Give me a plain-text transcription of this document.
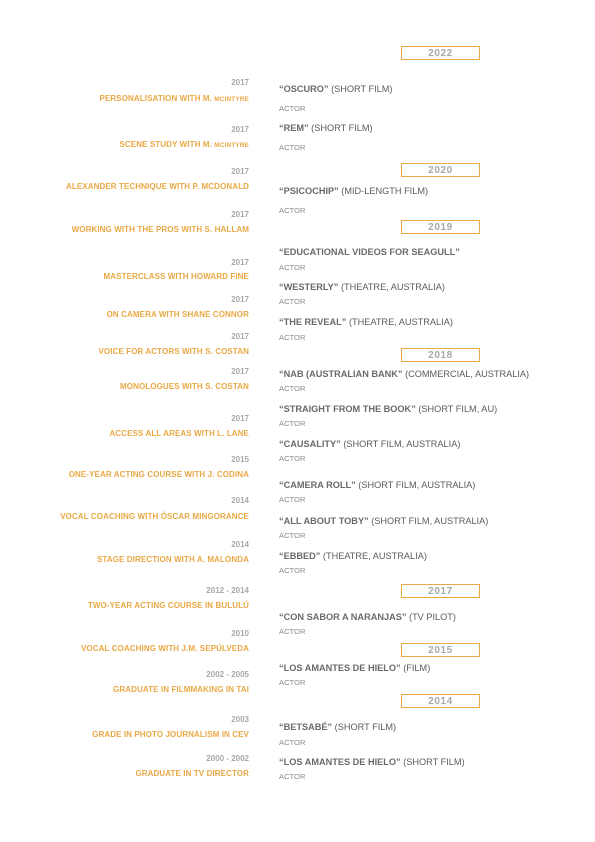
2017
PERSONALISATION WITH M. MCINTYRE
2017
SCENE STUDY WITH M. MCINTYRE
2017
ALEXANDER TECHNIQUE WITH P. MCDONALD
2017
WORKING WITH THE PROS WITH S. HALLAM
2017
MASTERCLASS WITH HOWARD FINE
2017
ON CAMERA WITH SHANE CONNOR
2017
VOICE FOR ACTORS WITH S. COSTAN
2017
MONOLOGUES WITH S. COSTAN
2017
ACCESS ALL AREAS WITH L. LANE
2015
ONE-YEAR ACTING COURSE WITH J. CODINA
2014
VOCAL COACHING WITH ÓSCAR MINGORANCE
2014
STAGE DIRECTION WITH A. MALONDA
2012 - 2014
TWO-YEAR ACTING COURSE IN BULULÚ
2010
VOCAL COACHING WITH J.M. SEPÚLVEDA
2002 - 2005
GRADUATE IN FILMMAKING IN TAI
2003
GRADE IN PHOTO JOURNALISM IN CEV
2000 - 2002
GRADUATE IN TV DIRECTOR
2022
2020
2019
2018
2017
2015
2014
“OSCURO” (SHORT FILM)
ACTOR
“REM” (SHORT FILM)
ACTOR
“PSICOCHIP” (MID-LENGTH FILM)
ACTOR
“EDUCATIONAL VIDEOS FOR SEAGULL”
ACTOR
“WESTERLY” (THEATRE, AUSTRALIA)
ACTOR
“THE REVEAL” (THEATRE, AUSTRALIA)
ACTOR
“NAB (AUSTRALIAN BANK” (COMMERCIAL, AUSTRALIA)
ACTOR
“STRAIGHT FROM THE BOOK” (SHORT FILM, AU)
ACTOR
“CAUSALITY” (SHORT FILM, AUSTRALIA)
ACTOR
“CAMERA ROLL” (SHORT FILM, AUSTRALIA)
ACTOR
“ALL ABOUT TOBY” (SHORT FILM, AUSTRALIA)
ACTOR
“EBBED” (THEATRE, AUSTRALIA)
ACTOR
“CON SABOR A NARANJAS” (TV PILOT)
ACTOR
“LOS AMANTES DE HIELO” (FILM)
ACTOR
“BETSABÉ” (SHORT FILM)
ACTOR
“LOS AMANTES DE HIELO” (SHORT FILM)
ACTOR
